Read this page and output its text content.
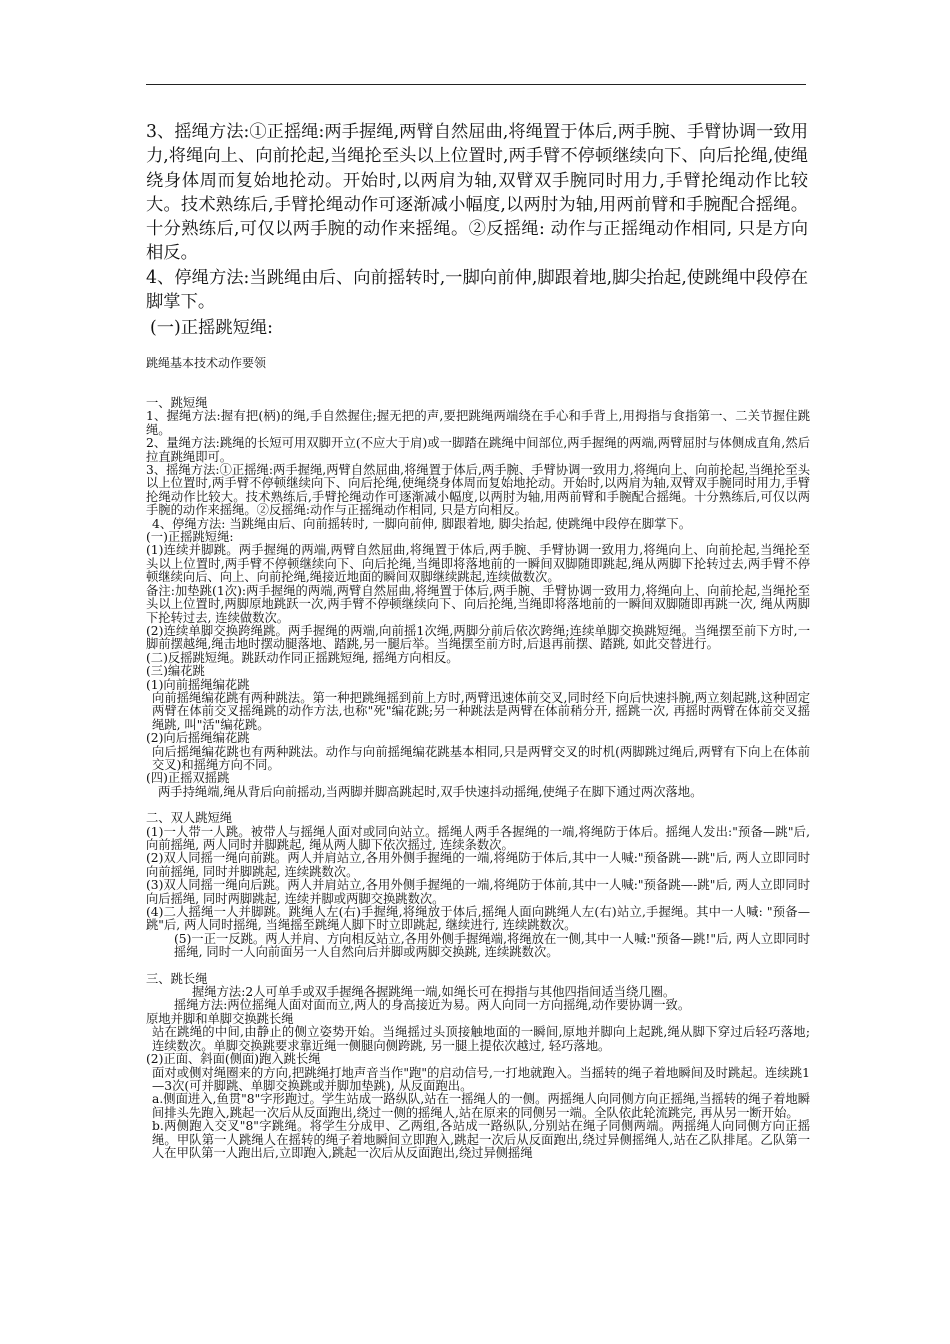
3、摇绳方法:①正摇绳:两手握绳,两臂自然屈曲,将绳置于体后,两手腕、手臂协调一致用力,将绳向上、向前抡起,当绳抡至头以上位置时,两手臂不停顿继续向下、向后抡绳,使绳绕身体周而复始地抡动。开始时,以两肩为轴,双臂双手腕同时用力,手臂抡绳动作比较大。技术熟练后,手臂抡绳动作可逐渐减小幅度,以两肘为轴,用两前臂和手腕配合摇绳。十分熟练后,可仅以两手腕的动作来摇绳。②反摇绳: 动作与正摇绳动作相同, 只是方向相反。

4、停绳方法:当跳绳由后、向前摇转时,一脚向前伸,脚跟着地,脚尖抬起,使跳绳中段停在脚掌下。

(一)正摇跳短绳:

跳绳基本技术动作要领

一、跳短绳

1、握绳方法:握有把(柄)的绳,手自然握住;握无把的声,要把跳绳两端绕在手心和手背上,用拇指与食指第一、二关节握住跳绳。

2、量绳方法:跳绳的长短可用双脚开立(不应大于肩)或一脚踏在跳绳中间部位,两手握绳的两端,两臂屈肘与体侧成直角,然后拉直跳绳即可。

3、摇绳方法:①正摇绳:两手握绳,两臂自然屈曲,将绳置于体后,两手腕、手臂协调一致用力,将绳向上、向前抡起,当绳抡至头以上位置时,两手臂不停顿继续向下、向后抡绳,使绳绕身体周而复始地抡动。开始时,以两肩为轴,双臂双手腕同时用力,手臂抡绳动作比较大。技术熟练后,手臂抡绳动作可逐渐减小幅度,以两肘为轴,用两前臂和手腕配合摇绳。十分熟练后,可仅以两手腕的动作来摇绳。②反摇绳:动作与正摇绳动作相同, 只是方向相反。

4、停绳方法: 当跳绳由后、向前摇转时, 一脚向前伸, 脚跟着地, 脚尖抬起, 使跳绳中段停在脚掌下。

(一)正摇跳短绳:

(1)连续并脚跳。两手握绳的两端,两臂自然屈曲,将绳置于体后,两手腕、手臂协调一致用力,将绳向上、向前抡起,当绳抡至头以上位置时,两手臂不停顿继续向下、向后抡绳,当绳即将落地前的一瞬间双脚随即跳起,绳从两脚下抡转过去,两手臂不停顿继续向后、向上、向前抡绳,绳接近地面的瞬间双脚继续跳起,连续做数次。

备注:加垫跳(1次):两手握绳的两端,两臂自然屈曲,将绳置于体后,两手腕、手臂协调一致用力,将绳向上、向前抡起,当绳抡至头以上位置时,两脚原地跳跃一次,两手臂不停顿继续向下、向后抡绳,当绳即将落地前的一瞬间双脚随即再跳一次, 绳从两脚下抡转过去, 连续做数次。

(2)连续单脚交换跨绳跳。两手握绳的两端,向前摇1次绳,两脚分前后依次跨绳;连续单脚交换跳短绳。当绳摆至前下方时,一脚前摆越绳,绳击地时摆动腿落地、踏跳,另一腿后举。当绳摆至前方时,后退再前摆、踏跳, 如此交替进行。

(二)反摇跳短绳。跳跃动作同正摇跳短绳, 摇绳方向相反。

(三)编花跳

(1)向前摇绳编花跳

向前摇绳编花跳有两种跳法。第一种把跳绳摇到前上方时,两臂迅速体前交叉,同时经下向后快速抖腕,两立刻起跳,这种固定两臂在体前交叉摇绳跳的动作方法,也称"死"编花跳;另一种跳法是两臂在体前稍分开, 摇跳一次, 再摇时两臂在体前交叉摇绳跳, 叫"活"编花跳。

(2)向后摇绳编花跳

向后摇绳编花跳也有两种跳法。动作与向前摇绳编花跳基本相同,只是两臂交叉的时机(两脚跳过绳后,两臂有下向上在体前交叉)和摇绳方向不同。

(四)正摇双摇跳

两手持绳端,绳从背后向前摇动,当两脚并脚高跳起时,双手快速抖动摇绳,使绳子在脚下通过两次落地。

二、双人跳短绳

(1)一人带一人跳。被带人与摇绳人面对或同向站立。摇绳人两手各握绳的一端,将绳防于体后。摇绳人发出:"预备—跳"后, 向前摇绳, 两人同时并脚跳起, 绳从两人脚下依次摇过, 连续条数次。

(2)双人同摇一绳向前跳。两人并肩站立,各用外侧手握绳的一端,将绳防于体后,其中一人喊:"预备跳—-跳"后, 两人立即同时向前摇绳, 同时并脚跳起, 连续跳数次。

(3)双人同摇一绳向后跳。两人并肩站立,各用外侧手握绳的一端,将绳防于体前,其中一人喊:"预备跳—-跳"后, 两人立即同时向后摇绳, 同时两脚跳起, 连续并脚或两脚交换跳数次。

(4)二人摇绳一人并脚跳。跳绳人左(右)手握绳,将绳放于体后,摇绳人面向跳绳人左(右)站立,手握绳。其中一人喊: "预备—跳"后, 两人同时摇绳, 当绳摇至跳绳人脚下时立即跳起, 继续进行, 连续跳数次。

(5)一正一反跳。两人并肩、方向相反站立,各用外侧手握绳端,将绳放在一侧,其中一人喊:"预备—跳!"后, 两人立即同时摇绳, 同时一人向前面另一人自然向后并脚或两脚交换跳, 连续跳数次。

三、跳长绳

握绳方法:2人可单手或双手握绳各握跳绳一端,如绳长可在拇指与其他四指间适当绕几圈。

摇绳方法:两位摇绳人面对面而立,两人的身高接近为易。两人向同一方向摇绳,动作要协调一致。

原地并脚和单脚交换跳长绳

站在跳绳的中间,由静止的侧立姿势开始。当绳摇过头顶接触地面的一瞬间,原地并脚向上起跳,绳从脚下穿过后轻巧落地; 连续数次。单脚交换跳要求靠近绳一侧腿向侧跨跳, 另一腿上提依次越过, 轻巧落地。

(2)正面、斜面(侧面)跑入跳长绳

面对或侧对绳圈来的方向,把跳绳打地声音当作"跑"的启动信号,一打地就跑入。当摇转的绳子着地瞬间及时跳起。连续跳1—3次(可并脚跳、单脚交换跳或并脚加垫跳), 从反面跑出。

a.侧面进入,鱼贯"8"字形跑过。学生站成一路纵队,站在一摇绳人的一侧。两摇绳人向同侧方向正摇绳,当摇转的绳子着地瞬间排头先跑入,跳起一次后从反面跑出,绕过一侧的摇绳人,站在原来的同侧另一端。全队依此轮流跳完, 再从另一断开始。

b.两侧跑入交叉"8"字跳绳。将学生分成甲、乙两组,各站成一路纵队,分别站在绳子同侧两端。两摇绳人向同侧方向正摇绳。甲队第一人跳绳人在摇转的绳子着地瞬间立即跑入,跳起一次后从反面跑出,绕过异侧摇绳人,站在乙队排尾。乙队第一人在甲队第一人跑出后,立即跑入,跳起一次后从反面跑出,绕过异侧摇绳
